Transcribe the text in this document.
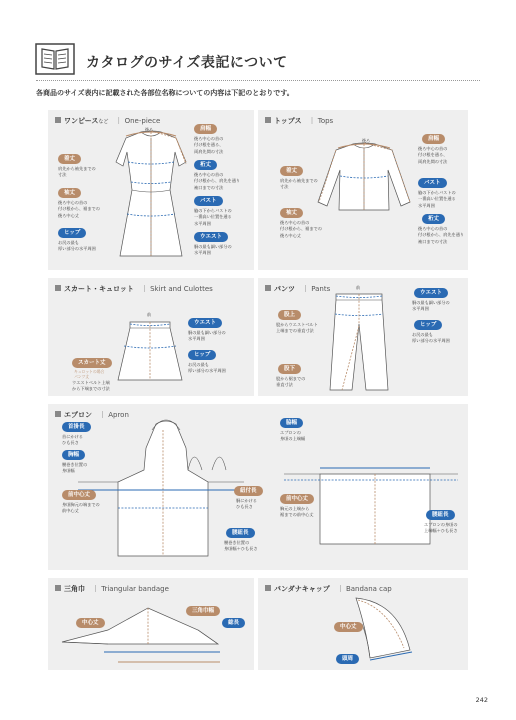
カタログのサイズ表記について
各商品のサイズ表内に記載された各部位名称についての内容は下記のとおりです。
ワンピースなど　 ｜ One-piece
後ろ	肩幅
後ろ中心の首の
付け根を通る、
両肩先間の寸法
裄丈
後ろ中心の首の
付け根から、肩先を通り
袖口までの寸法
バスト
脇の下からバストの
一番高い位置を通る
水平周囲
ウエスト
胴の最も細い部分の
水平周囲
着丈
肩先から袖先までの
寸法
袖丈
後ろ中心の首の
付け根から、裾までの
後ろ中心丈
ヒップ
お尻の最も
厚い部分の水平周囲
トップス　 ｜ Tops
後ろ	肩幅
後ろ中心の首の
付け根を通る、
両肩先間の寸法
バスト
脇の下からバストの
一番高い位置を通る
水平周囲
裄丈
後ろ中心の首の
付け根から、肩先を通り
袖口までの寸法
着丈
肩先から袖先までの
寸法
袖丈
後ろ中心の首の
付け根から、裾までの
後ろ中心丈
スカート・キュロット　 ｜ Skirt and Culottes
前
ウエスト
胴の最も細い部分の
水平周囲
ヒップ
お尻の最も
厚い部分の水平周囲
スカート丈
キュロットの場合
パンツ丈
ウエストベルト上端
から下端までの寸法
パンツ　 ｜ Pants	前
ウエスト
胴の最も細い部分の
水平周囲
ヒップ
お尻の最も
厚い部分の水平周囲
股上
股からウエストベルト
上端までの垂直寸法
股下
股から裾までの
垂直寸法
エプロン　 ｜ Apron
首掛長
首にかける
ひも長さ
胸幅
腰巻き位置の
身頃幅
前中心丈
身頃胸元の端までの
前中心丈
紐付長
胴にかける
ひも長さ
腰紐長
腰巻き位置の
身頃幅＋ひも長さ
脇幅
エプロンの
身頃の上端幅
前中心丈
胸元の上端から
裾までの前中心丈	腰紐長
エプロンの身頃の
上端幅＋ひも長さ
三角巾　 ｜ Triangular bandage
中心丈
三角巾幅
総長
バンダナキャップ　 ｜ Bandana cap
中心丈
頭周
242
